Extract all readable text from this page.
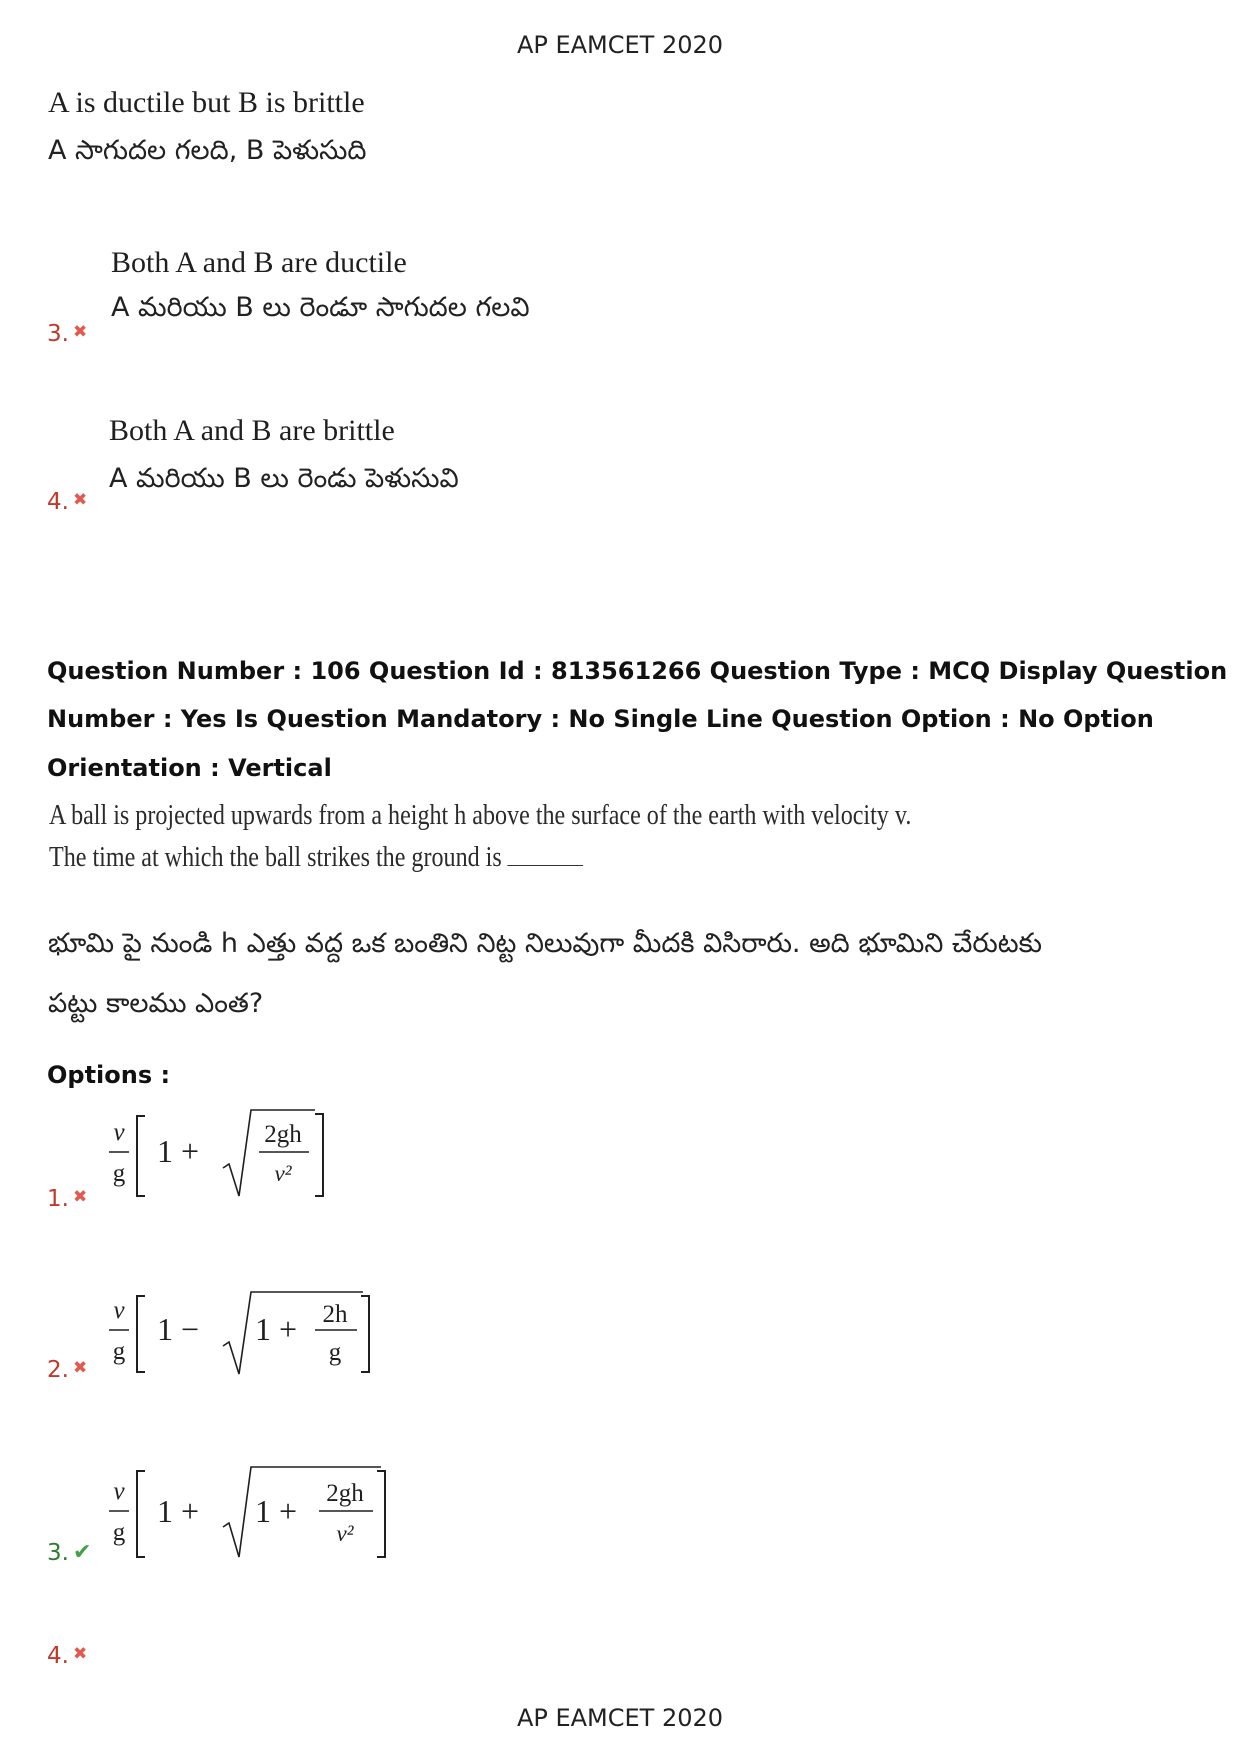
AP EAMCET 2020
A is ductile but B is brittle
A సాగుదల గలది, B పెళుసుది
Both A and B are ductile
A మరియు B లు రెండూ సాగుదల గలవి
3. ✖
Both A and B are brittle
A మరియు B లు రెండు పెళుసువి
4. ✖
Question Number : 106 Question Id : 813561266 Question Type : MCQ Display Question
Number : Yes Is Question Mandatory : No Single Line Question Option : No Option
Orientation : Vertical
A ball is projected upwards from a height h above the surface of the earth with velocity v.
The time at which the ball strikes the ground is
భూమి పై నుండి h ఎత్తు వద్ద ఒక బంతిని నిట్ట నిలువుగా మీదకి విసిరారు. అది భూమిని చేరుటకు
పట్టు కాలము ఎంత?
Options :
v
g
1 +	2gh
v²
1. ✖
v
g
1 − 1 + 2h
g
2. ✖
v
g
1 + 1 + 2gh
v²
3. ✔
4. ✖
AP EAMCET 2020
